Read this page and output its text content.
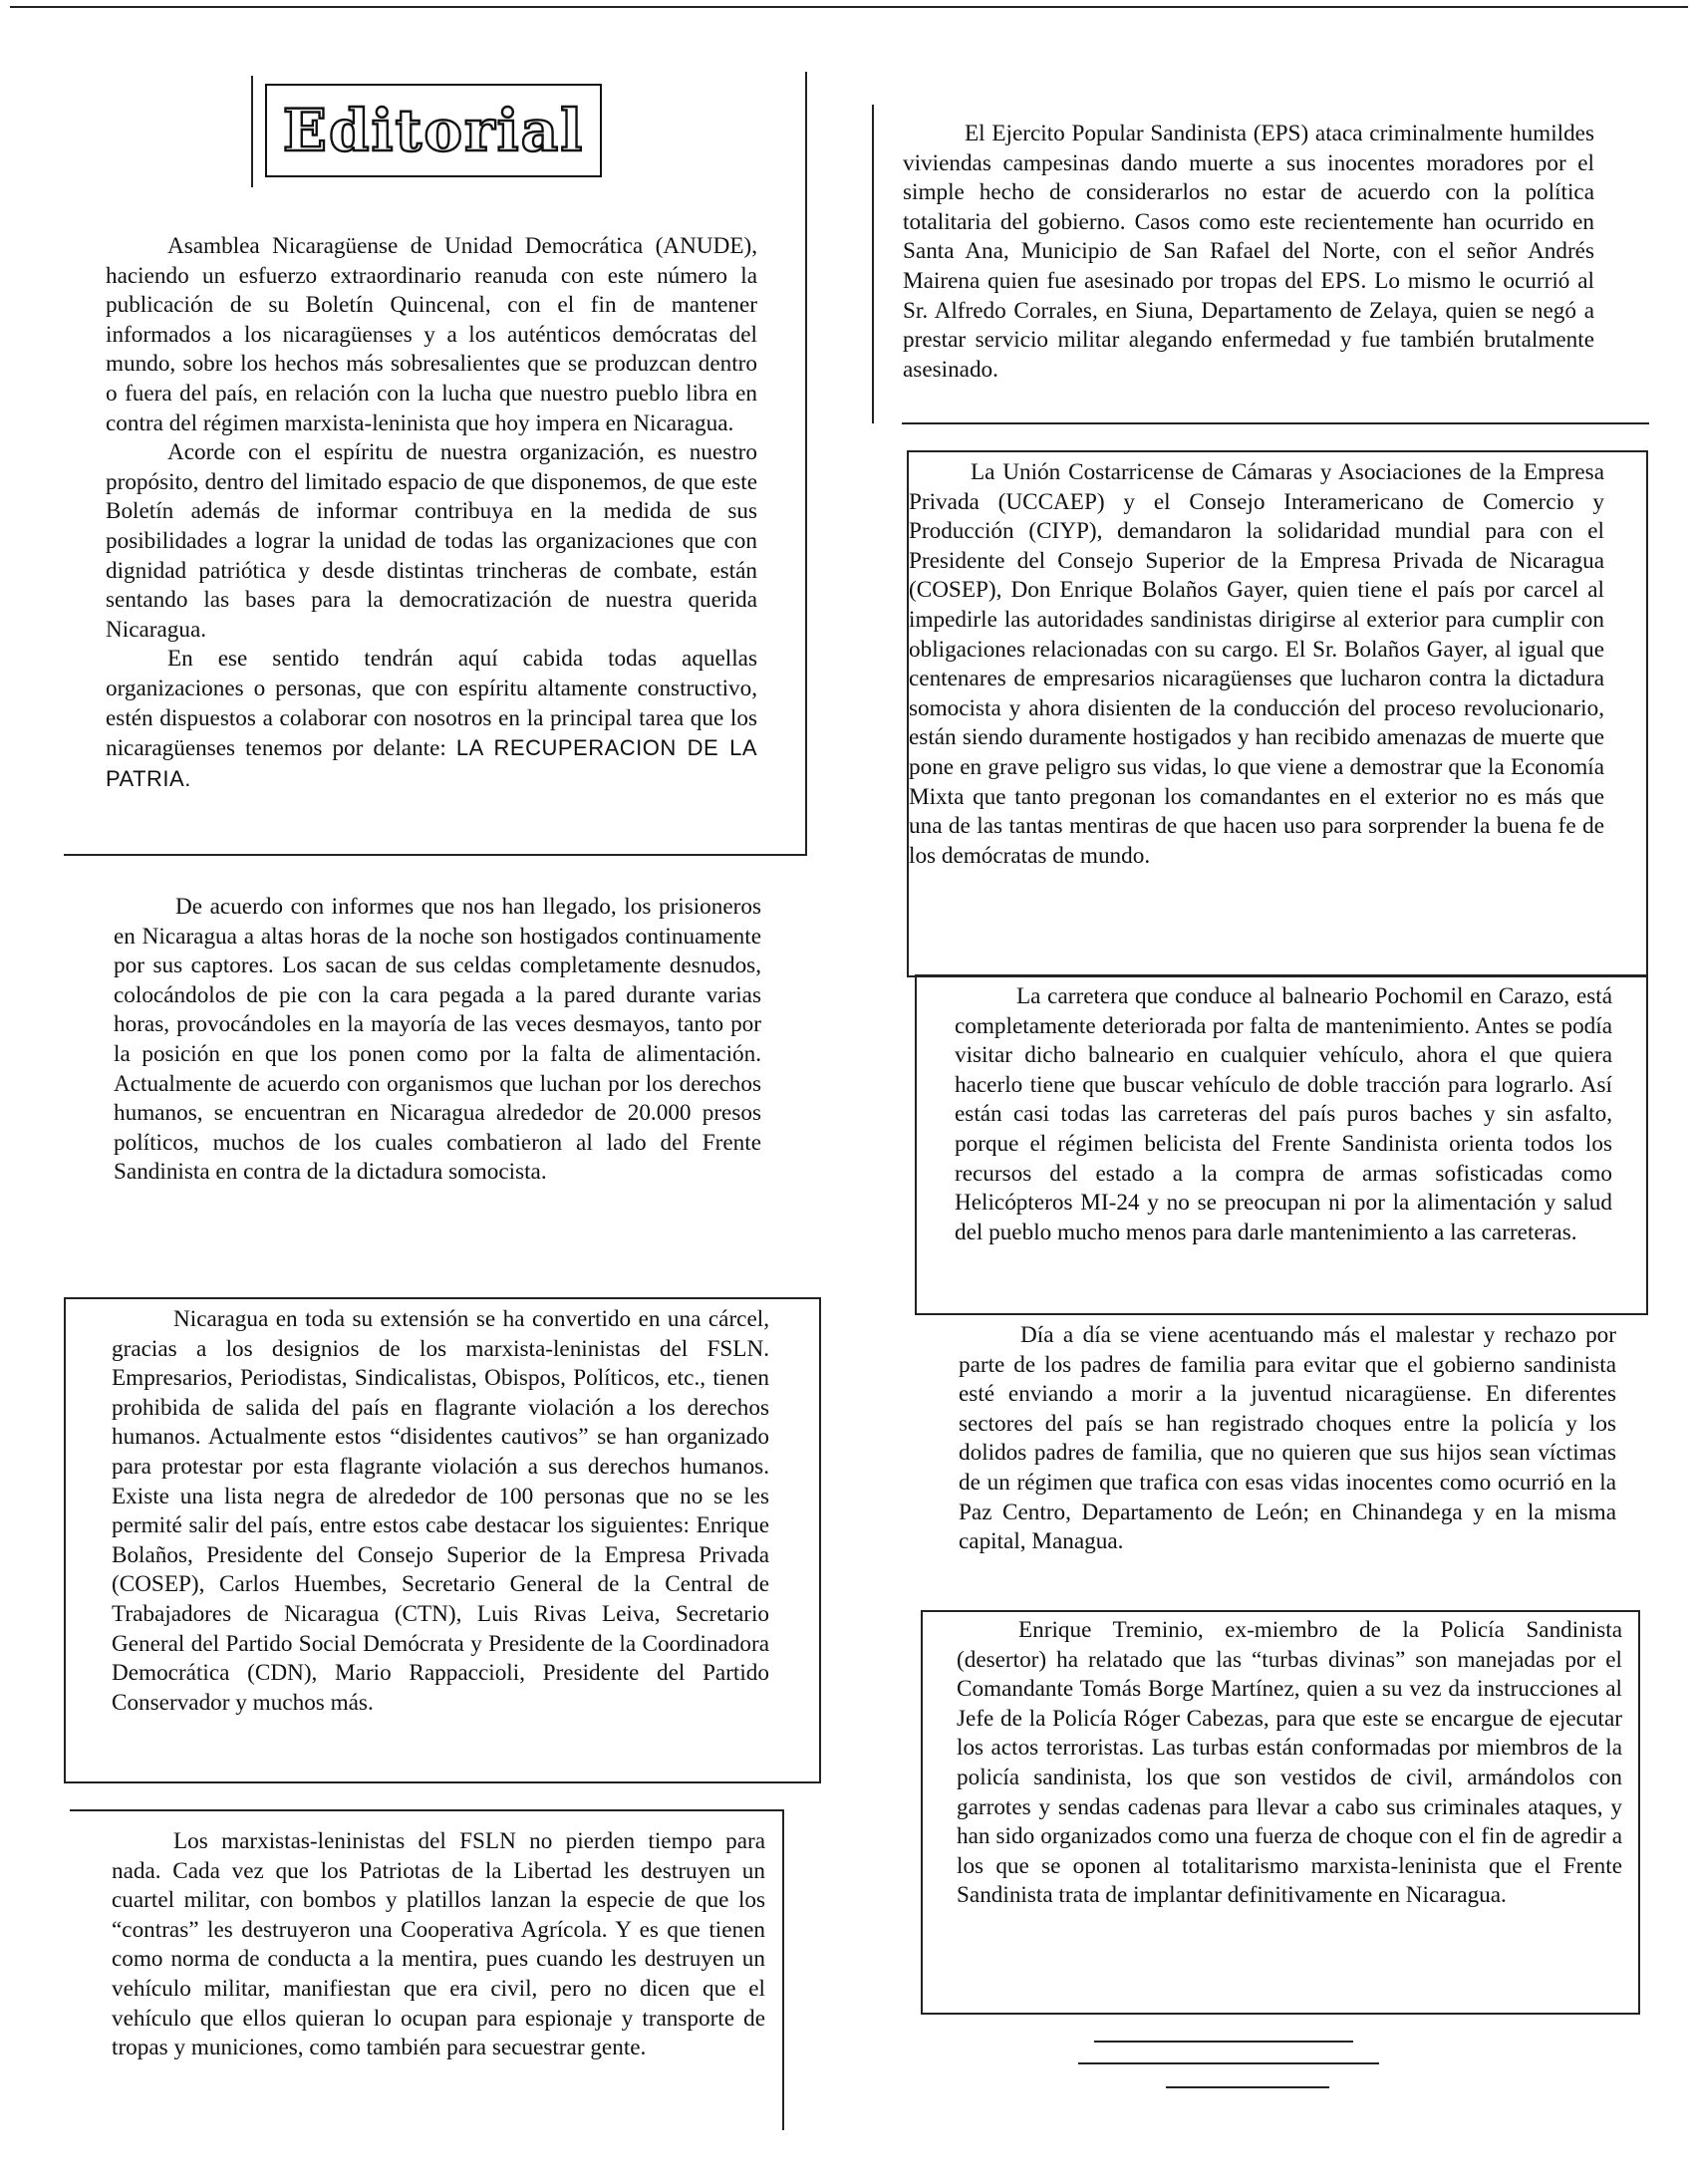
Editorial

Asamblea Nicaragüense de Unidad Democrática (ANUDE), haciendo un esfuerzo extraordinario reanuda con este número la publicación de su Boletín Quincenal, con el fin de mantener informados a los nicaragüenses y a los auténticos demócratas del mundo, sobre los hechos más sobresalientes que se produzcan dentro o fuera del país, en relación con la lucha que nuestro pueblo libra en contra del régimen marxista-leninista que hoy impera en Nicaragua.

Acorde con el espíritu de nuestra organización, es nuestro propósito, dentro del limitado espacio de que disponemos, de que este Boletín además de informar contribuya en la medida de sus posibilidades a lograr la unidad de todas las organizaciones que con dignidad patriótica y desde distintas trincheras de combate, están sentando las bases para la democratización de nuestra querida Nicaragua.

En ese sentido tendrán aquí cabida todas aquellas organizaciones o personas, que con espíritu altamente constructivo, estén dispuestos a colaborar con nosotros en la principal tarea que los nicaragüenses tenemos por delante: LA RECUPERACION DE LA PATRIA.

De acuerdo con informes que nos han llegado, los prisioneros en Nicaragua a altas horas de la noche son hostigados continuamente por sus captores. Los sacan de sus celdas completamente desnudos, colocándolos de pie con la cara pegada a la pared durante varias horas, provocándoles en la mayoría de las veces desmayos, tanto por la posición en que los ponen como por la falta de alimentación. Actualmente de acuerdo con organismos que luchan por los derechos humanos, se encuentran en Nicaragua alrededor de 20.000 presos políticos, muchos de los cuales combatieron al lado del Frente Sandinista en contra de la dictadura somocista.

Nicaragua en toda su extensión se ha convertido en una cárcel, gracias a los designios de los marxista-leninistas del FSLN. Empresarios, Periodistas, Sindicalistas, Obispos, Políticos, etc., tienen prohibida de salida del país en flagrante violación a los derechos humanos. Actualmente estos “disidentes cautivos” se han organizado para protestar por esta flagrante violación a sus derechos humanos. Existe una lista negra de alrededor de 100 personas que no se les permité salir del país, entre estos cabe destacar los siguientes: Enrique Bolaños, Presidente del Consejo Superior de la Empresa Privada (COSEP), Carlos Huembes, Secretario General de la Central de Trabajadores de Nicaragua (CTN), Luis Rivas Leiva, Secretario General del Partido Social Demócrata y Presidente de la Coordinadora Democrática (CDN), Mario Rappaccioli, Presidente del Partido Conservador y muchos más.

Los marxistas-leninistas del FSLN no pierden tiempo para nada. Cada vez que los Patriotas de la Libertad les destruyen un cuartel militar, con bombos y platillos lanzan la especie de que los “contras” les destruyeron una Cooperativa Agrícola. Y es que tienen como norma de conducta a la mentira, pues cuando les destruyen un vehículo militar, manifiestan que era civil, pero no dicen que el vehículo que ellos quieran lo ocupan para espionaje y transporte de tropas y municiones, como también para secuestrar gente.

El Ejercito Popular Sandinista (EPS) ataca criminalmente humildes viviendas campesinas dando muerte a sus inocentes moradores por el simple hecho de considerarlos no estar de acuerdo con la política totalitaria del gobierno. Casos como este recientemente han ocurrido en Santa Ana, Municipio de San Rafael del Norte, con el señor Andrés Mairena quien fue asesinado por tropas del EPS. Lo mismo le ocurrió al Sr. Alfredo Corrales, en Siuna, Departamento de Zelaya, quien se negó a prestar servicio militar alegando enfermedad y fue también brutalmente asesinado.

La Unión Costarricense de Cámaras y Asociaciones de la Empresa Privada (UCCAEP) y el Consejo Interamericano de Comercio y Producción (CIYP), demandaron la solidaridad mundial para con el Presidente del Consejo Superior de la Empresa Privada de Nicaragua (COSEP), Don Enrique Bolaños Gayer, quien tiene el país por carcel al impedirle las autoridades sandinistas dirigirse al exterior para cumplir con obligaciones relacionadas con su cargo. El Sr. Bolaños Gayer, al igual que centenares de empresarios nicaragüenses que lucharon contra la dictadura somocista y ahora disienten de la conducción del proceso revolucionario, están siendo duramente hostigados y han recibido amenazas de muerte que pone en grave peligro sus vidas, lo que viene a demostrar que la Economía Mixta que tanto pregonan los comandantes en el exterior no es más que una de las tantas mentiras de que hacen uso para sorprender la buena fe de los demócratas de mundo.

La carretera que conduce al balneario Pochomil en Carazo, está completamente deteriorada por falta de mantenimiento. Antes se podía visitar dicho balneario en cualquier vehículo, ahora el que quiera hacerlo tiene que buscar vehículo de doble tracción para lograrlo. Así están casi todas las carreteras del país puros baches y sin asfalto, porque el régimen belicista del Frente Sandinista orienta todos los recursos del estado a la compra de armas sofisticadas como Helicópteros MI-24 y no se preocupan ni por la alimentación y salud del pueblo mucho menos para darle mantenimiento a las carreteras.

Día a día se viene acentuando más el malestar y rechazo por parte de los padres de familia para evitar que el gobierno sandinista esté enviando a morir a la juventud nicaragüense. En diferentes sectores del país se han registrado choques entre la policía y los dolidos padres de familia, que no quieren que sus hijos sean víctimas de un régimen que trafica con esas vidas inocentes como ocurrió en la Paz Centro, Departamento de León; en Chinandega y en la misma capital, Managua.

Enrique Treminio, ex-miembro de la Policía Sandinista (desertor) ha relatado que las “turbas divinas” son manejadas por el Comandante Tomás Borge Martínez, quien a su vez da instrucciones al Jefe de la Policía Róger Cabezas, para que este se encargue de ejecutar los actos terroristas. Las turbas están conformadas por miembros de la policía sandinista, los que son vestidos de civil, armándolos con garrotes y sendas cadenas para llevar a cabo sus criminales ataques, y han sido organizados como una fuerza de choque con el fin de agredir a los que se oponen al totalitarismo marxista-leninista que el Frente Sandinista trata de implantar definitivamente en Nicaragua.
